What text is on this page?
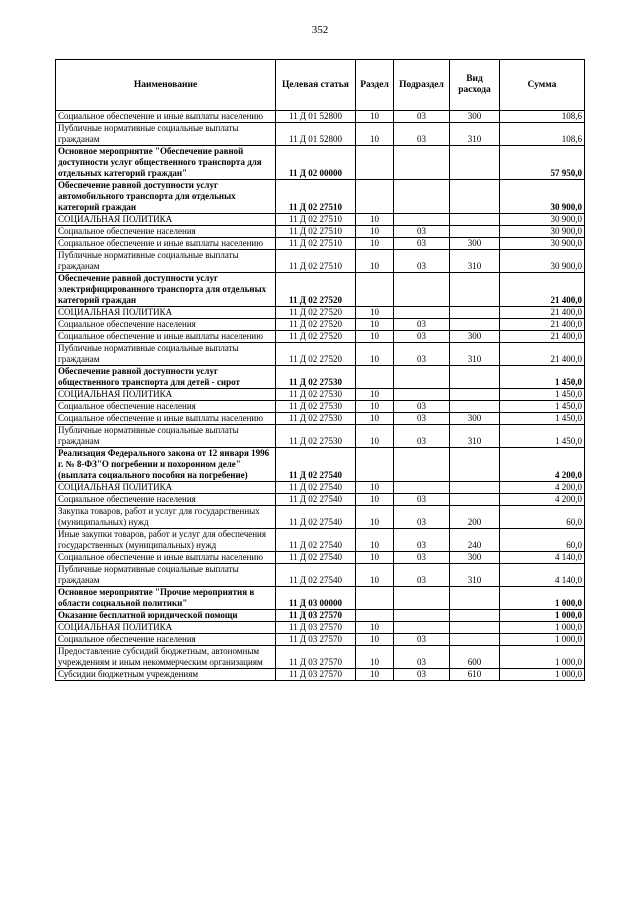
352
Наименование	Целевая статья	Раздел	Подраздел	Вид расхода	Сумма
Социальное обеспечение и иные выплаты населению	11 Д 01 52800	10	03	300	108,6
Публичные нормативные социальные выплаты гражданам	11 Д 01 52800	10	03	310	108,6
Основное мероприятие "Обеспечение равной доступности услуг общественного транспорта для отдельных категорий граждан"	11 Д 02 00000				57 950,0
Обеспечение равной доступности услуг автомобильного транспорта для отдельных категорий граждан	11 Д 02 27510				30 900,0
СОЦИАЛЬНАЯ ПОЛИТИКА	11 Д 02 27510	10			30 900,0
Социальное обеспечение населения	11 Д 02 27510	10	03		30 900,0
Социальное обеспечение и иные выплаты населению	11 Д 02 27510	10	03	300	30 900,0
Публичные нормативные социальные выплаты гражданам	11 Д 02 27510	10	03	310	30 900,0
Обеспечение равной доступности услуг электрифицированного транспорта для отдельных категорий граждан	11 Д 02 27520				21 400,0
СОЦИАЛЬНАЯ ПОЛИТИКА	11 Д 02 27520	10			21 400,0
Социальное обеспечение населения	11 Д 02 27520	10	03		21 400,0
Социальное обеспечение и иные выплаты населению	11 Д 02 27520	10	03	300	21 400,0
Публичные нормативные социальные выплаты гражданам	11 Д 02 27520	10	03	310	21 400,0
Обеспечение равной доступности услуг общественного транспорта для детей - сирот	11 Д 02 27530				1 450,0
СОЦИАЛЬНАЯ ПОЛИТИКА	11 Д 02 27530	10			1 450,0
Социальное обеспечение населения	11 Д 02 27530	10	03		1 450,0
Социальное обеспечение и иные выплаты населению	11 Д 02 27530	10	03	300	1 450,0
Публичные нормативные социальные выплаты гражданам	11 Д 02 27530	10	03	310	1 450,0
Реализация Федерального закона от 12 января 1996 г. № 8-ФЗ"О погребении и похоронном деле" (выплата социального пособия на погребение)	11 Д 02 27540				4 200,0
СОЦИАЛЬНАЯ ПОЛИТИКА	11 Д 02 27540	10			4 200,0
Социальное обеспечение населения	11 Д 02 27540	10	03		4 200,0
Закупка товаров, работ и услуг для государственных (муниципальных) нужд	11 Д 02 27540	10	03	200	60,0
Иные закупки товаров, работ и услуг для обеспечения государственных (муниципальных) нужд	11 Д 02 27540	10	03	240	60,0
Социальное обеспечение и иные выплаты населению	11 Д 02 27540	10	03	300	4 140,0
Публичные нормативные социальные выплаты гражданам	11 Д 02 27540	10	03	310	4 140,0
Основное мероприятие "Прочие мероприятия в области социальной политики"	11 Д 03 00000				1 000,0
Оказание бесплатной юридической помощи	11 Д 03 27570				1 000,0
СОЦИАЛЬНАЯ ПОЛИТИКА	11 Д 03 27570	10			1 000,0
Социальное обеспечение населения	11 Д 03 27570	10	03		1 000,0
Предоставление субсидий бюджетным, автономным учреждениям и иным некоммерческим организациям	11 Д 03 27570	10	03	600	1 000,0
Субсидии бюджетным учреждениям	11 Д 03 27570	10	03	610	1 000,0
